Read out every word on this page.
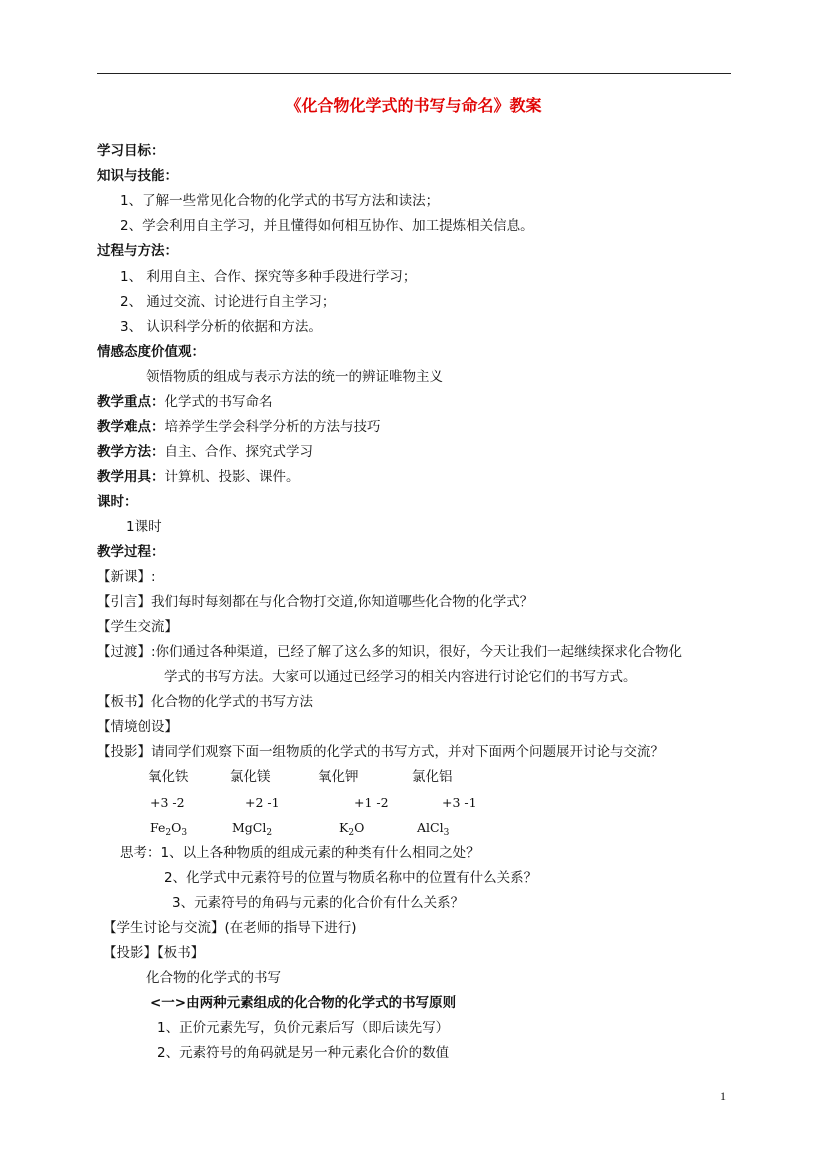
《化合物化学式的书写与命名》教案
学习目标：
知识与技能：
1、了解一些常见化合物的化学式的书写方法和读法；
2、学会利用自主学习，并且懂得如何相互协作、加工提炼相关信息。
过程与方法：
1、 利用自主、合作、探究等多种手段进行学习；
2、 通过交流、讨论进行自主学习；
3、 认识科学分析的依据和方法。
情感态度价值观：
领悟物质的组成与表示方法的统一的辨证唯物主义
教学重点：化学式的书写命名
教学难点：培养学生学会科学分析的方法与技巧
教学方法：自主、合作、探究式学习
教学用具：计算机、投影、课件。
课时：
1课时
教学过程：
【新课】:
【引言】我们每时每刻都在与化合物打交道,你知道哪些化合物的化学式？
【学生交流】
【过渡】:你们通过各种渠道，已经了解了这么多的知识，很好，今天让我们一起继续探求化合物化
学式的书写方法。大家可以通过已经学习的相关内容进行讨论它们的书写方式。
【板书】化合物的化学式的书写方法
【情境创设】
【投影】请同学们观察下面一组物质的化学式的书写方式，并对下面两个问题展开讨论与交流？
氧化铁	氯化镁	氧化钾	氯化铝
+3 -2	+2 -1	+1 -2	+3 -1
$Fe_2O_3$	MgCl$_2$	$K_2O$	AlCl$_3$
思考：1、以上各种物质的组成元素的种类有什么相同之处？
2、化学式中元素符号的位置与物质名称中的位置有什么关系？
3、元素符号的角码与元素的化合价有什么关系？
【学生讨论与交流】(在老师的指导下进行)
【投影】【板书】
化合物的化学式的书写
<一>由两种元素组成的化合物的化学式的书写原则
1、正价元素先写，负价元素后写（即后读先写）
2、元素符号的角码就是另一种元素化合价的数值
1
